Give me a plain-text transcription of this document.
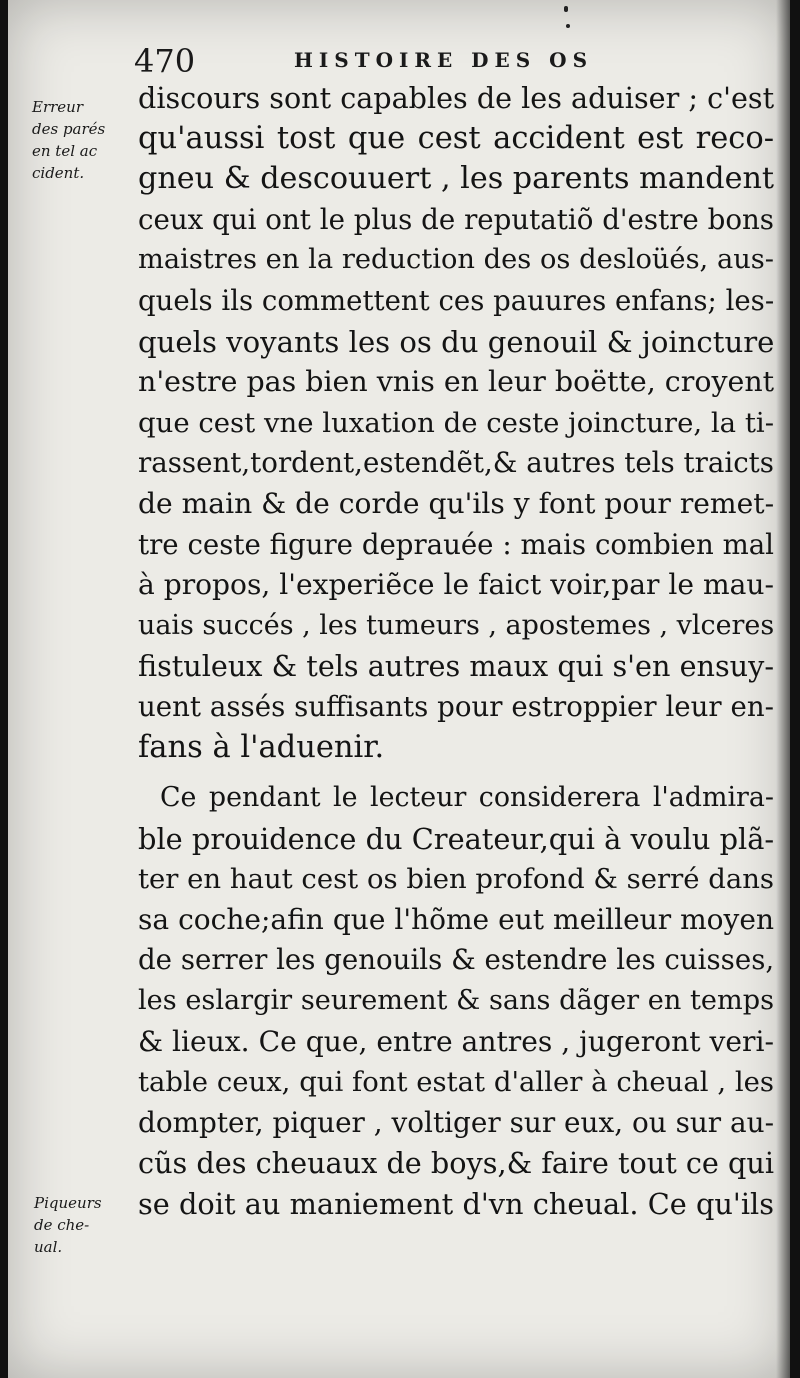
470	HISTOIRE DES OS
Erreur
des parés
en tel ac
cident.
Piqueurs
de che-
ual.
discours sont capables de les aduiser ; c'est
qu'aussi tost que cest accident est reco-
gneu & descouuert , les parents mandent
ceux qui ont le plus de reputatiõ d'estre bons
maistres en la reduction des os desloüés, aus-
quels ils commettent ces pauures enfans; les-
quels voyants les os du genouil & joincture
n'estre pas bien vnis en leur boëtte, croyent
que cest vne luxation de ceste joincture, la ti-
rassent,tordent,estendẽt,& autres tels traicts
de main & de corde qu'ils y font pour remet-
tre ceste figure deprauée : mais combien mal
à propos, l'experiẽce le faict voir,par le mau-
uais succés , les tumeurs , apostemes , vlceres
fistuleux & tels autres maux qui s'en ensuy-
uent assés suffisants pour estroppier leur en-
fans à l'aduenir.
Ce pendant le lecteur considerera l'admira-
ble prouidence du Createur,qui à voulu plã-
ter en haut cest os bien profond & serré dans
sa coche;afin que l'hõme eut meilleur moyen
de serrer les genouils & estendre les cuisses,
les eslargir seurement & sans dãger en temps
& lieux. Ce que, entre antres , jugeront veri-
table ceux, qui font estat d'aller à cheual , les
dompter, piquer , voltiger sur eux, ou sur au-
cũs des cheuaux de boys,& faire tout ce qui
se doit au maniement d'vn cheual. Ce qu'ils
